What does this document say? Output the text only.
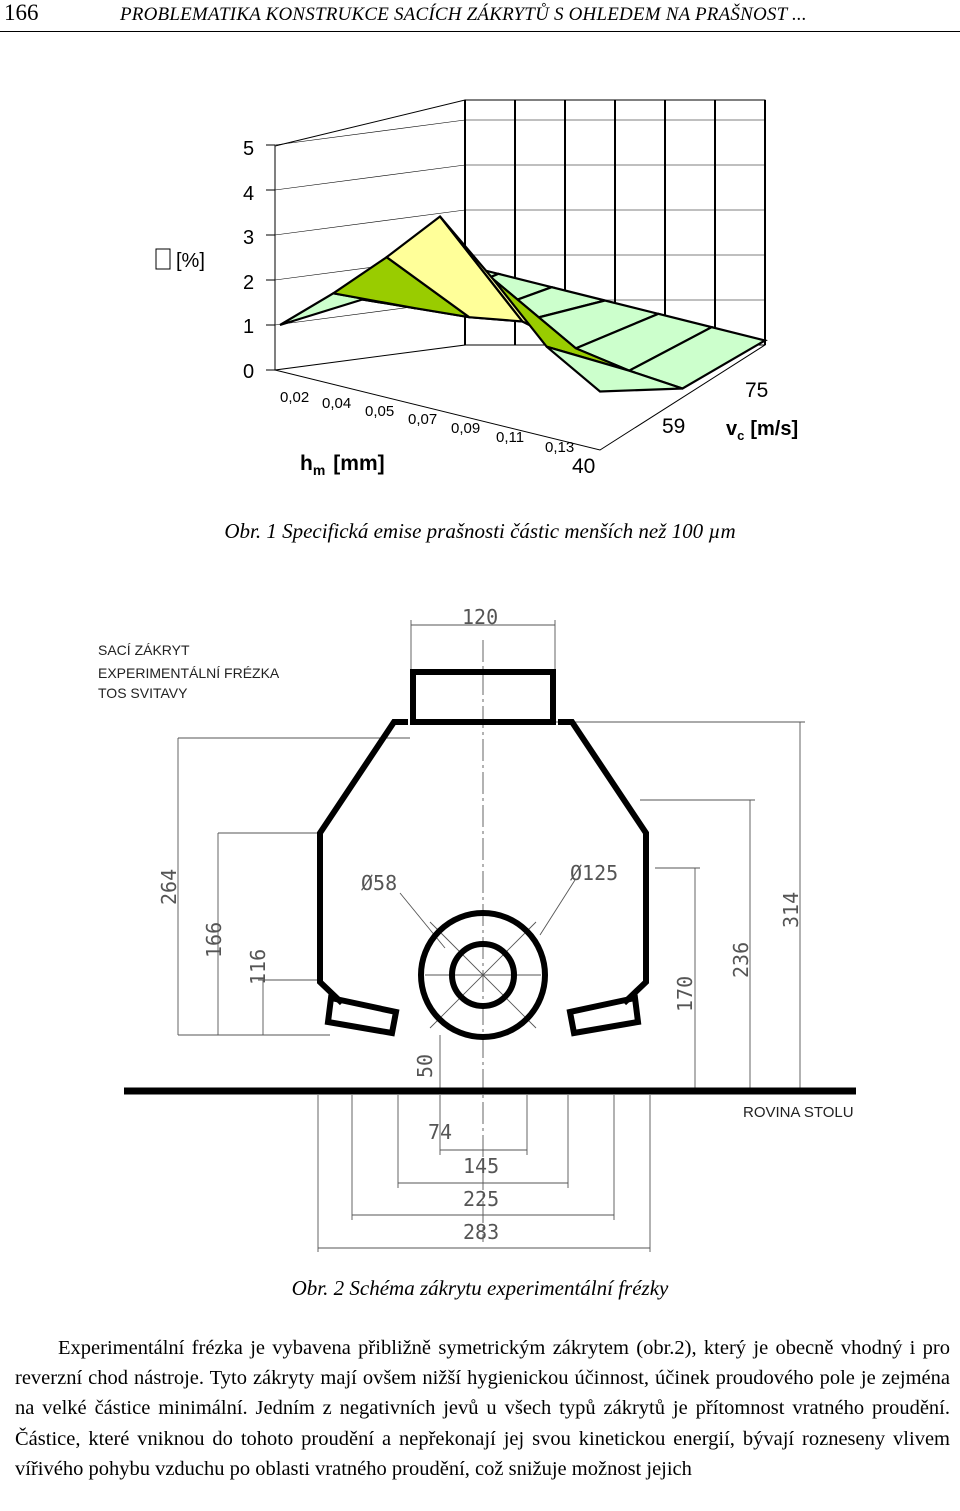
166	PROBLEMATIKA KONSTRUKCE SACÍCH ZÁKRYTŮ S OHLEDEM NA PRAŠNOST ...
5
4
3
2
1
0
[%]
0,02 0,04 0,05 0,07
0,09
0,11
0,13
$h_m$ [mm]	40
59
75
$v_c$ [m/s]
Obr. 1 Specifická emise prašnosti částic menších než 100 µm
SACÍ ZÁKRYT
EXPERIMENTÁLNÍ FRÉZKA
TOS SVITAVY
ROVINA STOLU
120
Ø58	Ø125
264
166
116
50
170
236
314
74
145
225
283
Obr. 2 Schéma zákrytu experimentální frézky

Experimentální frézka je vybavena přibližně symetrickým zákrytem (obr.2), který je obecně vhodný i pro reverzní chod nástroje. Tyto zákryty mají ovšem nižší hygienickou účinnost, účinek proudového pole je zejména na velké částice minimální. Jedním z negativních jevů u všech typů zákrytů je přítomnost vratného proudění. Částice, které vniknou do tohoto proudění a nepřekonají jej svou kinetickou energií, bývají rozneseny vlivem vířivého pohybu vzduchu po oblasti vratného proudění, což snižuje možnost jejich
